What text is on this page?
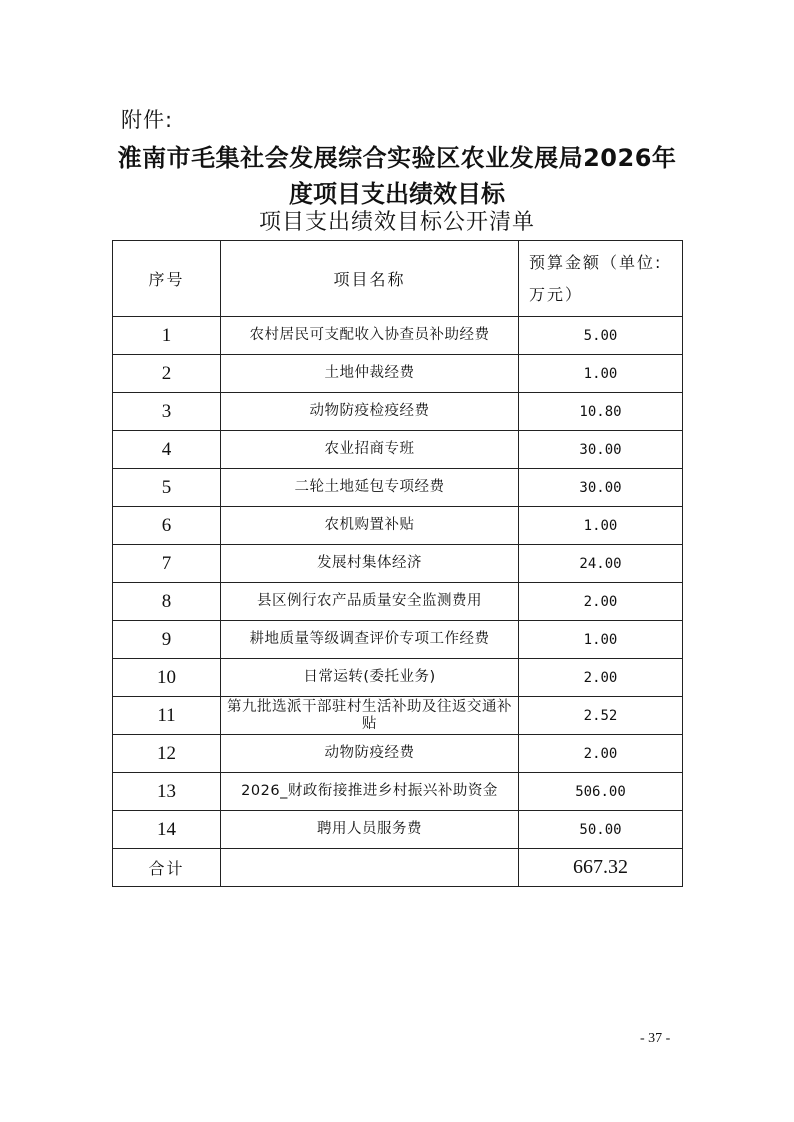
附件:
淮南市毛集社会发展综合实验区农业发展局2026年
度项目支出绩效目标
项目支出绩效目标公开清单
序号	项目名称	预算金额（单位:
万元）
1	农村居民可支配收入协查员补助经费	5.00
2	土地仲裁经费	1.00
3	动物防疫检疫经费	10.80
4	农业招商专班	30.00
5	二轮土地延包专项经费	30.00
6	农机购置补贴	1.00
7	发展村集体经济	24.00
8	县区例行农产品质量安全监测费用	2.00
9	耕地质量等级调查评价专项工作经费	1.00
10	日常运转(委托业务)	2.00
11	第九批选派干部驻村生活补助及往返交通补贴	2.52
12	动物防疫经费	2.00
13	2026_财政衔接推进乡村振兴补助资金	506.00
14	聘用人员服务费	50.00
合计		667.32
- 37 -
